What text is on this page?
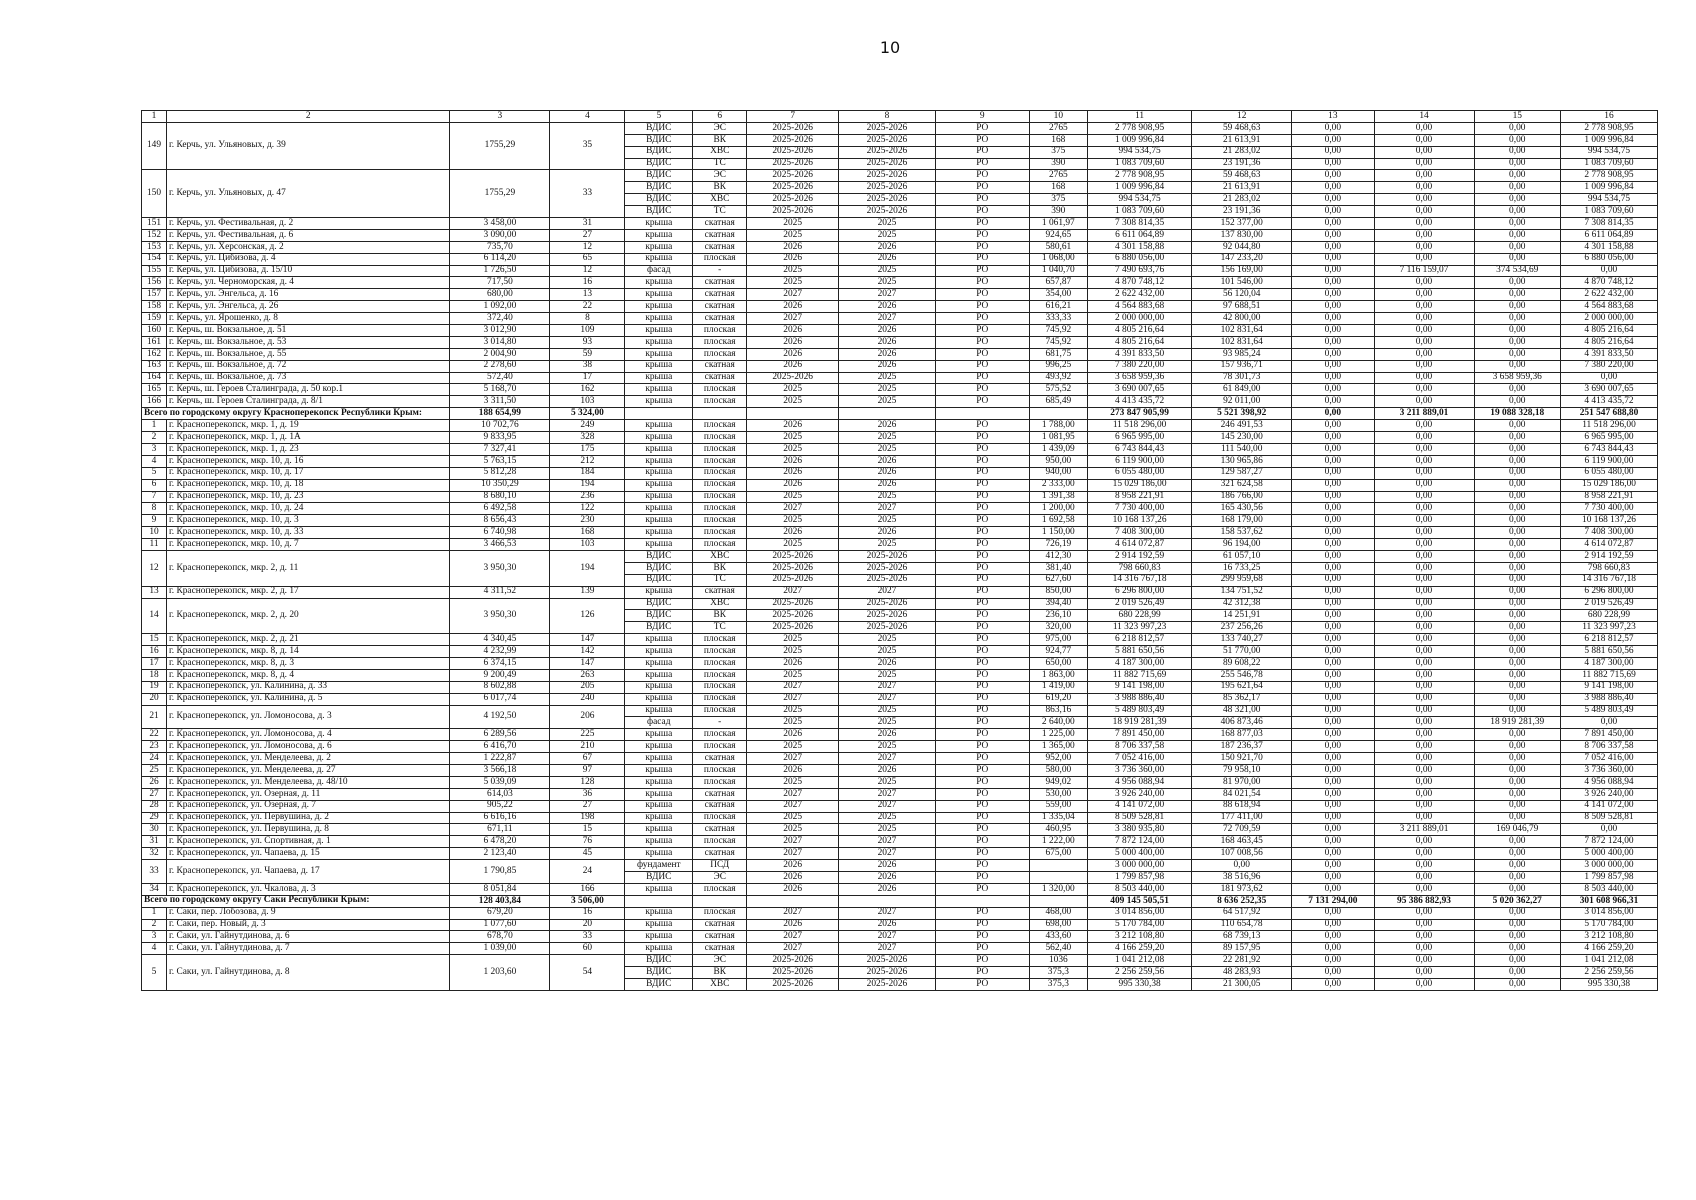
10
1	2	3	4	5	6	7	8	9	10	11	12	13	14	15	16
149	г. Керчь, ул. Ульяновых, д. 39	1755,29	35	ВДИС	ЭС	2025-2026	2025-2026	РО	2765	2 778 908,95	59 468,63	0,00	0,00	0,00	2 778 908,95
				ВДИС	ВК	2025-2026	2025-2026	РО	168	1 009 996,84	21 613,91	0,00	0,00	0,00	1 009 996,84
				ВДИС	ХВС	2025-2026	2025-2026	РО	375	994 534,75	21 283,02	0,00	0,00	0,00	994 534,75
				ВДИС	ТС	2025-2026	2025-2026	РО	390	1 083 709,60	23 191,36	0,00	0,00	0,00	1 083 709,60
150	г. Керчь, ул. Ульяновых, д. 47	1755,29	33	ВДИС	ЭС	2025-2026	2025-2026	РО	2765	2 778 908,95	59 468,63	0,00	0,00	0,00	2 778 908,95
				ВДИС	ВК	2025-2026	2025-2026	РО	168	1 009 996,84	21 613,91	0,00	0,00	0,00	1 009 996,84
				ВДИС	ХВС	2025-2026	2025-2026	РО	375	994 534,75	21 283,02	0,00	0,00	0,00	994 534,75
				ВДИС	ТС	2025-2026	2025-2026	РО	390	1 083 709,60	23 191,36	0,00	0,00	0,00	1 083 709,60
151	г. Керчь, ул. Фестивальная, д. 2	3 458,00	31	крыша	скатная	2025	2025	РО	1 061,97	7 308 814,35	152 377,00	0,00	0,00	0,00	7 308 814,35
152	г. Керчь, ул. Фестивальная, д. 6	3 090,00	27	крыша	скатная	2025	2025	РО	924,65	6 611 064,89	137 830,00	0,00	0,00	0,00	6 611 064,89
153	г. Керчь, ул. Херсонская, д. 2	735,70	12	крыша	скатная	2026	2026	РО	580,61	4 301 158,88	92 044,80	0,00	0,00	0,00	4 301 158,88
154	г. Керчь, ул. Цибизова, д. 4	6 114,20	65	крыша	плоская	2026	2026	РО	1 068,00	6 880 056,00	147 233,20	0,00	0,00	0,00	6 880 056,00
155	г. Керчь, ул. Цибизова, д. 15/10	1 726,50	12	фасад	-	2025	2025	РО	1 040,70	7 490 693,76	156 169,00	0,00	7 116 159,07	374 534,69	0,00
156	г. Керчь, ул. Черноморская, д. 4	717,50	16	крыша	скатная	2025	2025	РО	657,87	4 870 748,12	101 546,00	0,00	0,00	0,00	4 870 748,12
157	г. Керчь, ул. Энгельса, д. 16	680,00	13	крыша	скатная	2027	2027	РО	354,00	2 622 432,00	56 120,04	0,00	0,00	0,00	2 622 432,00
158	г. Керчь, ул. Энгельса, д. 26	1 092,00	22	крыша	скатная	2026	2026	РО	616,21	4 564 883,68	97 688,51	0,00	0,00	0,00	4 564 883,68
159	г. Керчь, ул. Ярошенко, д. 8	372,40	8	крыша	скатная	2027	2027	РО	333,33	2 000 000,00	42 800,00	0,00	0,00	0,00	2 000 000,00
160	г. Керчь, ш. Вокзальное, д. 51	3 012,90	109	крыша	плоская	2026	2026	РО	745,92	4 805 216,64	102 831,64	0,00	0,00	0,00	4 805 216,64
161	г. Керчь, ш. Вокзальное, д. 53	3 014,80	93	крыша	плоская	2026	2026	РО	745,92	4 805 216,64	102 831,64	0,00	0,00	0,00	4 805 216,64
162	г. Керчь, ш. Вокзальное, д. 55	2 004,90	59	крыша	плоская	2026	2026	РО	681,75	4 391 833,50	93 985,24	0,00	0,00	0,00	4 391 833,50
163	г. Керчь, ш. Вокзальное, д. 72	2 278,60	38	крыша	скатная	2026	2026	РО	996,25	7 380 220,00	157 936,71	0,00	0,00	0,00	7 380 220,00
164	г. Керчь, ш. Вокзальное, д. 73	572,40	17	крыша	скатная	2025-2026	2025	РО	493,92	3 658 959,36	78 301,73	0,00	0,00	3 658 959,36	0,00
165	г. Керчь, ш. Героев Сталинграда, д. 50 кор.1	5 168,70	162	крыша	плоская	2025	2025	РО	575,52	3 690 007,65	61 849,00	0,00	0,00	0,00	3 690 007,65
166	г. Керчь, ш. Героев Сталинграда, д. 8/1	3 311,50	103	крыша	плоская	2025	2025	РО	685,49	4 413 435,72	92 011,00	0,00	0,00	0,00	4 413 435,72
Всего по городскому округу Красноперекопск Республики Крым:		188 654,99	5 324,00							273 847 905,99	5 521 398,92	0,00	3 211 889,01	19 088 328,18	251 547 688,80
1	г. Красноперекопск, мкр. 1, д. 19	10 702,76	249	крыша	плоская	2026	2026	РО	1 788,00	11 518 296,00	246 491,53	0,00	0,00	0,00	11 518 296,00
2	г. Красноперекопск, мкр. 1, д. 1А	9 833,95	328	крыша	плоская	2025	2025	РО	1 081,95	6 965 995,00	145 230,00	0,00	0,00	0,00	6 965 995,00
3	г. Красноперекопск, мкр. 1, д. 23	7 327,41	175	крыша	плоская	2025	2025	РО	1 439,09	6 743 844,43	111 540,00	0,00	0,00	0,00	6 743 844,43
4	г. Красноперекопск, мкр. 10, д. 16	5 763,15	212	крыша	плоская	2026	2026	РО	950,00	6 119 900,00	130 965,86	0,00	0,00	0,00	6 119 900,00
5	г. Красноперекопск, мкр. 10, д. 17	5 812,28	184	крыша	плоская	2026	2026	РО	940,00	6 055 480,00	129 587,27	0,00	0,00	0,00	6 055 480,00
6	г. Красноперекопск, мкр. 10, д. 18	10 350,29	194	крыша	плоская	2026	2026	РО	2 333,00	15 029 186,00	321 624,58	0,00	0,00	0,00	15 029 186,00
7	г. Красноперекопск, мкр. 10, д. 23	8 680,10	236	крыша	плоская	2025	2025	РО	1 391,38	8 958 221,91	186 766,00	0,00	0,00	0,00	8 958 221,91
8	г. Красноперекопск, мкр. 10, д. 24	6 492,58	122	крыша	плоская	2027	2027	РО	1 200,00	7 730 400,00	165 430,56	0,00	0,00	0,00	7 730 400,00
9	г. Красноперекопск, мкр. 10, д. 3	8 656,43	230	крыша	плоская	2025	2025	РО	1 692,58	10 168 137,26	168 179,00	0,00	0,00	0,00	10 168 137,26
10	г. Красноперекопск, мкр. 10, д. 33	6 740,98	168	крыша	плоская	2026	2026	РО	1 150,00	7 408 300,00	158 537,62	0,00	0,00	0,00	7 408 300,00
11	г. Красноперекопск, мкр. 10, д. 7	3 466,53	103	крыша	плоская	2025	2025	РО	726,19	4 614 072,87	96 194,00	0,00	0,00	0,00	4 614 072,87
12	г. Красноперекопск, мкр. 2, д. 11	3 950,30	194	ВДИС	ХВС	2025-2026	2025-2026	РО	412,30	2 914 192,59	61 057,10	0,00	0,00	0,00	2 914 192,59
				ВДИС	ВК	2025-2026	2025-2026	РО	381,40	798 660,83	16 733,25	0,00	0,00	0,00	798 660,83
				ВДИС	ТС	2025-2026	2025-2026	РО	627,60	14 316 767,18	299 959,68	0,00	0,00	0,00	14 316 767,18
13	г. Красноперекопск, мкр. 2, д. 17	4 311,52	139	крыша	скатная	2027	2027	РО	850,00	6 296 800,00	134 751,52	0,00	0,00	0,00	6 296 800,00
14	г. Красноперекопск, мкр. 2, д. 20	3 950,30	126	ВДИС	ХВС	2025-2026	2025-2026	РО	394,40	2 019 526,49	42 312,38	0,00	0,00	0,00	2 019 526,49
				ВДИС	ВК	2025-2026	2025-2026	РО	236,10	680 228,99	14 251,91	0,00	0,00	0,00	680 228,99
				ВДИС	ТС	2025-2026	2025-2026	РО	320,00	11 323 997,23	237 256,26	0,00	0,00	0,00	11 323 997,23
15	г. Красноперекопск, мкр. 2, д. 21	4 340,45	147	крыша	плоская	2025	2025	РО	975,00	6 218 812,57	133 740,27	0,00	0,00	0,00	6 218 812,57
16	г. Красноперекопск, мкр. 8, д. 14	4 232,99	142	крыша	плоская	2025	2025	РО	924,77	5 881 650,56	51 770,00	0,00	0,00	0,00	5 881 650,56
17	г. Красноперекопск, мкр. 8, д. 3	6 374,15	147	крыша	плоская	2026	2026	РО	650,00	4 187 300,00	89 608,22	0,00	0,00	0,00	4 187 300,00
18	г. Красноперекопск, мкр. 8, д. 4	9 200,49	263	крыша	плоская	2025	2025	РО	1 863,00	11 882 715,69	255 546,78	0,00	0,00	0,00	11 882 715,69
19	г. Красноперекопск, ул. Калинина, д. 33	8 602,88	205	крыша	плоская	2027	2027	РО	1 419,00	9 141 198,00	195 621,64	0,00	0,00	0,00	9 141 198,00
20	г. Красноперекопск, ул. Калинина, д. 5	6 017,74	240	крыша	плоская	2027	2027	РО	619,20	3 988 886,40	85 362,17	0,00	0,00	0,00	3 988 886,40
21	г. Красноперекопск, ул. Ломоносова, д. 3	4 192,50	206	крыша	плоская	2025	2025	РО	863,16	5 489 803,49	48 321,00	0,00	0,00	0,00	5 489 803,49
				фасад	-	2025	2025	РО	2 640,00	18 919 281,39	406 873,46	0,00	0,00	18 919 281,39	0,00
22	г. Красноперекопск, ул. Ломоносова, д. 4	6 289,56	225	крыша	плоская	2026	2026	РО	1 225,00	7 891 450,00	168 877,03	0,00	0,00	0,00	7 891 450,00
23	г. Красноперекопск, ул. Ломоносова, д. 6	6 416,70	210	крыша	плоская	2025	2025	РО	1 365,00	8 706 337,58	187 236,37	0,00	0,00	0,00	8 706 337,58
24	г. Красноперекопск, ул. Менделеева, д. 2	1 222,87	67	крыша	скатная	2027	2027	РО	952,00	7 052 416,00	150 921,70	0,00	0,00	0,00	7 052 416,00
25	г. Красноперекопск, ул. Менделеева, д. 27	3 566,18	97	крыша	плоская	2026	2026	РО	580,00	3 736 360,00	79 958,10	0,00	0,00	0,00	3 736 360,00
26	г. Красноперекопск, ул. Менделеева, д. 48/10	5 039,09	128	крыша	плоская	2025	2025	РО	949,02	4 956 088,94	81 970,00	0,00	0,00	0,00	4 956 088,94
27	г. Красноперекопск, ул. Озерная, д. 11	614,03	36	крыша	скатная	2027	2027	РО	530,00	3 926 240,00	84 021,54	0,00	0,00	0,00	3 926 240,00
28	г. Красноперекопск, ул. Озерная, д. 7	905,22	27	крыша	скатная	2027	2027	РО	559,00	4 141 072,00	88 618,94	0,00	0,00	0,00	4 141 072,00
29	г. Красноперекопск, ул. Первушина, д. 2	6 616,16	198	крыша	плоская	2025	2025	РО	1 335,04	8 509 528,81	177 411,00	0,00	0,00	0,00	8 509 528,81
30	г. Красноперекопск, ул. Первушина, д. 8	671,11	15	крыша	скатная	2025	2025	РО	460,95	3 380 935,80	72 709,59	0,00	3 211 889,01	169 046,79	0,00
31	г. Красноперекопск, ул. Спортивная, д. 1	6 478,20	76	крыша	плоская	2027	2027	РО	1 222,00	7 872 124,00	168 463,45	0,00	0,00	0,00	7 872 124,00
32	г. Красноперекопск, ул. Чапаева, д. 15	2 123,40	45	крыша	скатная	2027	2027	РО	675,00	5 000 400,00	107 008,56	0,00	0,00	0,00	5 000 400,00
33	г. Красноперекопск, ул. Чапаева, д. 17	1 790,85	24	фундамент	ПСД	2026	2026	РО		3 000 000,00	0,00	0,00	0,00	0,00	3 000 000,00
				ВДИС	ЭС	2026	2026	РО		1 799 857,98	38 516,96	0,00	0,00	0,00	1 799 857,98
34	г. Красноперекопск, ул. Чкалова, д. 3	8 051,84	166	крыша	плоская	2026	2026	РО	1 320,00	8 503 440,00	181 973,62	0,00	0,00	0,00	8 503 440,00
Всего по городскому округу Саки Республики Крым:		128 403,84	3 506,00							409 145 505,51	8 636 252,35	7 131 294,00	95 386 882,93	5 020 362,27	301 608 966,31
1	г. Саки, пер. Лобозова, д. 9	679,20	16	крыша	плоская	2027	2027	РО	468,00	3 014 856,00	64 517,92	0,00	0,00	0,00	3 014 856,00
2	г. Саки, пер. Новый, д. 3	1 077,60	20	крыша	скатная	2026	2026	РО	698,00	5 170 784,00	110 654,78	0,00	0,00	0,00	5 170 784,00
3	г. Саки, ул. Гайнутдинова, д. 6	678,70	33	крыша	скатная	2027	2027	РО	433,60	3 212 108,80	68 739,13	0,00	0,00	0,00	3 212 108,80
4	г. Саки, ул. Гайнутдинова, д. 7	1 039,00	60	крыша	скатная	2027	2027	РО	562,40	4 166 259,20	89 157,95	0,00	0,00	0,00	4 166 259,20
5	г. Саки, ул. Гайнутдинова, д. 8	1 203,60	54	ВДИС	ЭС	2025-2026	2025-2026	РО	1036	1 041 212,08	22 281,92	0,00	0,00	0,00	1 041 212,08
				ВДИС	ВК	2025-2026	2025-2026	РО	375,3	2 256 259,56	48 283,93	0,00	0,00	0,00	2 256 259,56
				ВДИС	ХВС	2025-2026	2025-2026	РО	375,3	995 330,38	21 300,05	0,00	0,00	0,00	995 330,38
